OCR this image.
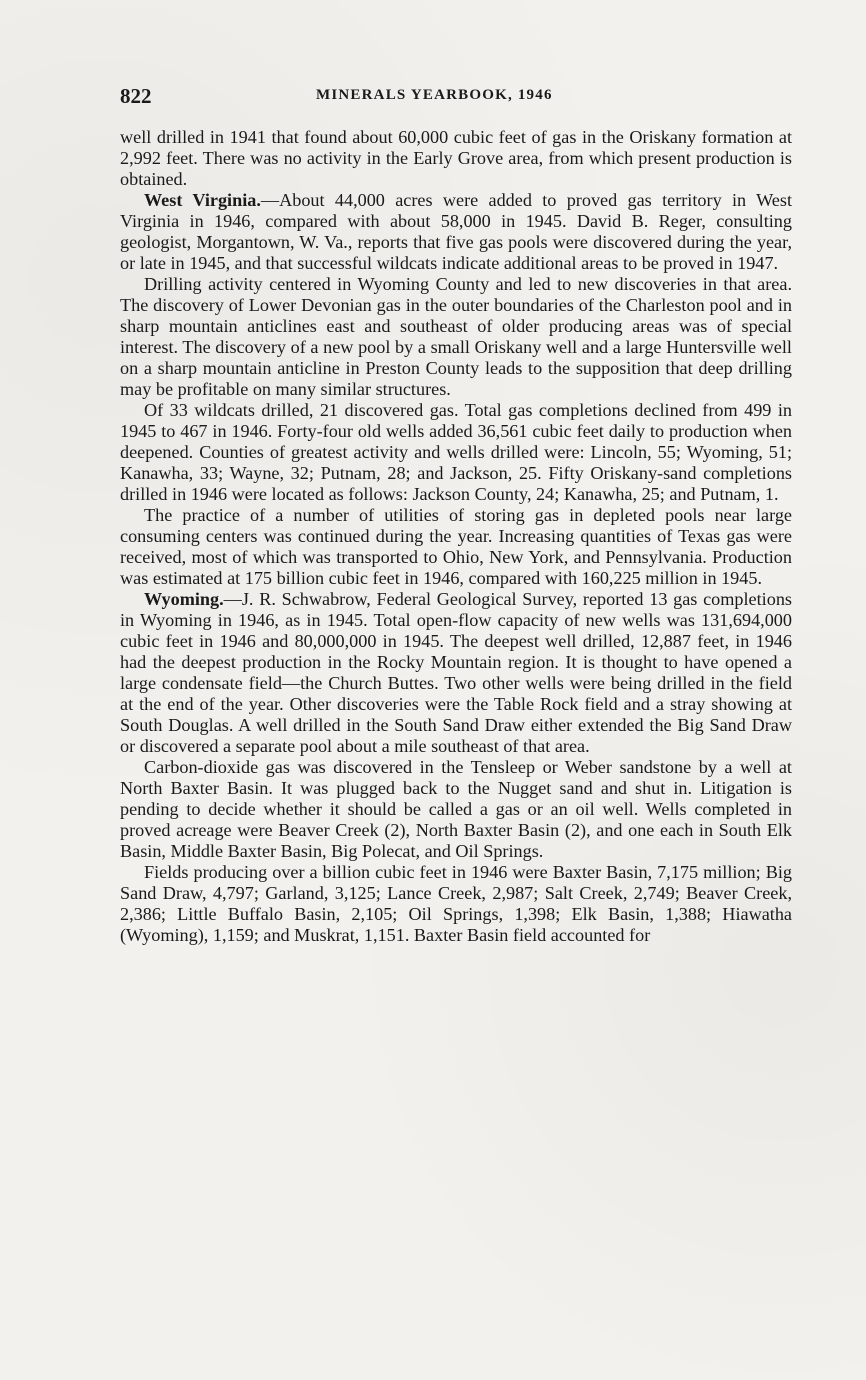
822	MINERALS YEARBOOK, 1946

well drilled in 1941 that found about 60,000 cubic feet of gas in the Oriskany formation at 2,992 feet. There was no activity in the Early Grove area, from which present production is obtained.

West Virginia.—About 44,000 acres were added to proved gas territory in West Virginia in 1946, compared with about 58,000 in 1945. David B. Reger, consulting geologist, Morgantown, W. Va., reports that five gas pools were discovered during the year, or late in 1945, and that successful wildcats indicate additional areas to be proved in 1947.

Drilling activity centered in Wyoming County and led to new discoveries in that area. The discovery of Lower Devonian gas in the outer boundaries of the Charleston pool and in sharp mountain anticlines east and southeast of older producing areas was of special interest. The discovery of a new pool by a small Oriskany well and a large Huntersville well on a sharp mountain anticline in Preston County leads to the supposition that deep drilling may be profitable on many similar structures.

Of 33 wildcats drilled, 21 discovered gas. Total gas completions declined from 499 in 1945 to 467 in 1946. Forty-four old wells added 36,561 cubic feet daily to production when deepened. Counties of greatest activity and wells drilled were: Lincoln, 55; Wyoming, 51; Kanawha, 33; Wayne, 32; Putnam, 28; and Jackson, 25. Fifty Oriskany-sand completions drilled in 1946 were located as follows: Jackson County, 24; Kanawha, 25; and Putnam, 1.

The practice of a number of utilities of storing gas in depleted pools near large consuming centers was continued during the year. Increasing quantities of Texas gas were received, most of which was transported to Ohio, New York, and Pennsylvania. Production was estimated at 175 billion cubic feet in 1946, compared with 160,225 million in 1945.

Wyoming.—J. R. Schwabrow, Federal Geological Survey, reported 13 gas completions in Wyoming in 1946, as in 1945. Total open-flow capacity of new wells was 131,694,000 cubic feet in 1946 and 80,000,000 in 1945. The deepest well drilled, 12,887 feet, in 1946 had the deepest production in the Rocky Mountain region. It is thought to have opened a large condensate field—the Church Buttes. Two other wells were being drilled in the field at the end of the year. Other discoveries were the Table Rock field and a stray showing at South Douglas. A well drilled in the South Sand Draw either extended the Big Sand Draw or discovered a separate pool about a mile southeast of that area.

Carbon-dioxide gas was discovered in the Tensleep or Weber sandstone by a well at North Baxter Basin. It was plugged back to the Nugget sand and shut in. Litigation is pending to decide whether it should be called a gas or an oil well. Wells completed in proved acreage were Beaver Creek (2), North Baxter Basin (2), and one each in South Elk Basin, Middle Baxter Basin, Big Polecat, and Oil Springs.

Fields producing over a billion cubic feet in 1946 were Baxter Basin, 7,175 million; Big Sand Draw, 4,797; Garland, 3,125; Lance Creek, 2,987; Salt Creek, 2,749; Beaver Creek, 2,386; Little Buffalo Basin, 2,105; Oil Springs, 1,398; Elk Basin, 1,388; Hiawatha (Wyoming), 1,159; and Muskrat, 1,151. Baxter Basin field accounted for
